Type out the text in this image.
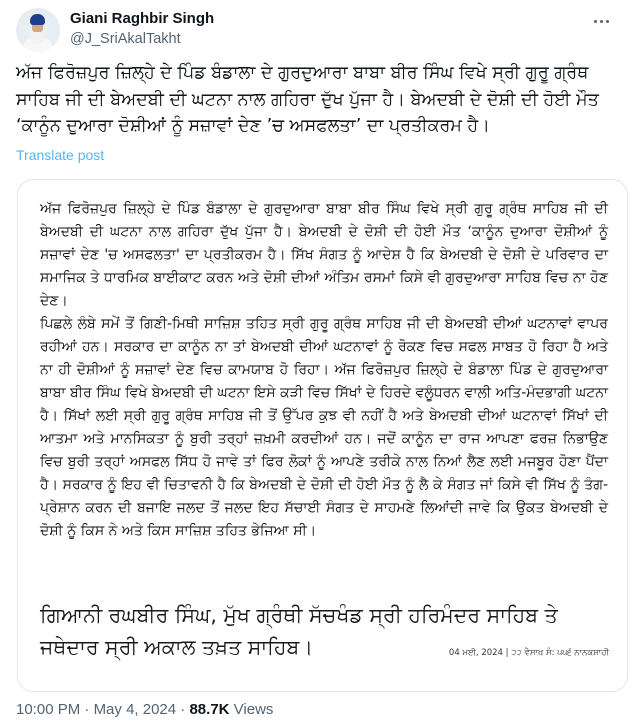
Giani Raghbir Singh
@J_SriAkalTakht
ਅੱਜ ਫਿਰੋਜ਼ਪੁਰ ਜ਼ਿਲ੍ਹੇ ਦੇ ਪਿੰਡ ਬੰਡਾਲਾ ਦੇ ਗੁਰਦੁਆਰਾ ਬਾਬਾ ਬੀਰ ਸਿੰਘ ਵਿਖੇ ਸ੍ਰੀ ਗੁਰੂ ਗ੍ਰੰਥ ਸਾਹਿਬ ਜੀ ਦੀ ਬੇਅਦਬੀ ਦੀ ਘਟਨਾ ਨਾਲ ਗਹਿਰਾ ਦੁੱਖ ਪੁੱਜਾ ਹੈ। ਬੇਅਦਬੀ ਦੇ ਦੋਸ਼ੀ ਦੀ ਹੋਈ ਮੌਤ ‘ਕਾਨੂੰਨ ਦੁਆਰਾ ਦੋਸ਼ੀਆਂ ਨੂੰ ਸਜ਼ਾਵਾਂ ਦੇਣ ’ਚ ਅਸਫਲਤਾ’ ਦਾ ਪ੍ਰਤੀਕਰਮ ਹੈ।
Translate post

ਅੱਜ ਫਿਰੋਜ਼ਪੁਰ ਜ਼ਿਲ੍ਹੇ ਦੇ ਪਿੰਡ ਬੰਡਾਲਾ ਦੇ ਗੁਰਦੁਆਰਾ ਬਾਬਾ ਬੀਰ ਸਿੰਘ ਵਿਖੇ ਸ੍ਰੀ ਗੁਰੂ ਗ੍ਰੰਥ ਸਾਹਿਬ ਜੀ ਦੀ ਬੇਅਦਬੀ ਦੀ ਘਟਨਾ ਨਾਲ ਗਹਿਰਾ ਦੁੱਖ ਪੁੱਜਾ ਹੈ। ਬੇਅਦਬੀ ਦੇ ਦੋਸ਼ੀ ਦੀ ਹੋਈ ਮੌਤ ‘ਕਾਨੂੰਨ ਦੁਆਰਾ ਦੋਸ਼ੀਆਂ ਨੂੰ ਸਜ਼ਾਵਾਂ ਦੇਣ 'ਚ ਅਸਫਲਤਾ' ਦਾ ਪ੍ਰਤੀਕਰਮ ਹੈ। ਸਿੱਖ ਸੰਗਤ ਨੂੰ ਆਦੇਸ਼ ਹੈ ਕਿ ਬੇਅਦਬੀ ਦੇ ਦੋਸ਼ੀ ਦੇ ਪਰਿਵਾਰ ਦਾ ਸਮਾਜਿਕ ਤੇ ਧਾਰਮਿਕ ਬਾਈਕਾਟ ਕਰਨ ਅਤੇ ਦੋਸ਼ੀ ਦੀਆਂ ਅੰਤਿਮ ਰਸਮਾਂ ਕਿਸੇ ਵੀ ਗੁਰਦੁਆਰਾ ਸਾਹਿਬ ਵਿਚ ਨਾ ਹੋਣ ਦੇਣ।

ਪਿਛਲੇ ਲੰਬੇ ਸਮੇਂ ਤੋਂ ਗਿਣੀ-ਮਿਥੀ ਸਾਜ਼ਿਸ਼ ਤਹਿਤ ਸ੍ਰੀ ਗੁਰੂ ਗ੍ਰੰਥ ਸਾਹਿਬ ਜੀ ਦੀ ਬੇਅਦਬੀ ਦੀਆਂ ਘਟਨਾਵਾਂ ਵਾਪਰ ਰਹੀਆਂ ਹਨ। ਸਰਕਾਰ ਦਾ ਕਾਨੂੰਨ ਨਾ ਤਾਂ ਬੇਅਦਬੀ ਦੀਆਂ ਘਟਨਾਵਾਂ ਨੂੰ ਰੋਕਣ ਵਿਚ ਸਫਲ ਸਾਬਤ ਹੋ ਰਿਹਾ ਹੈ ਅਤੇ ਨਾ ਹੀ ਦੋਸ਼ੀਆਂ ਨੂੰ ਸਜ਼ਾਵਾਂ ਦੇਣ ਵਿਚ ਕਾਮਯਾਬ ਹੋ ਰਿਹਾ। ਅੱਜ ਫਿਰੋਜ਼ਪੁਰ ਜ਼ਿਲ੍ਹੇ ਦੇ ਬੰਡਾਲਾ ਪਿੰਡ ਦੇ ਗੁਰਦੁਆਰਾ ਬਾਬਾ ਬੀਰ ਸਿੰਘ ਵਿਖੇ ਬੇਅਦਬੀ ਦੀ ਘਟਨਾ ਇਸੇ ਕੜੀ ਵਿਚ ਸਿੱਖਾਂ ਦੇ ਹਿਰਦੇ ਵਲੂੰਧਰਨ ਵਾਲੀ ਅਤਿ-ਮੰਦਭਾਗੀ ਘਟਨਾ ਹੈ। ਸਿੱਖਾਂ ਲਈ ਸ੍ਰੀ ਗੁਰੂ ਗ੍ਰੰਥ ਸਾਹਿਬ ਜੀ ਤੋਂ ਉੱਪਰ ਕੁਝ ਵੀ ਨਹੀਂ ਹੈ ਅਤੇ ਬੇਅਦਬੀ ਦੀਆਂ ਘਟਨਾਵਾਂ ਸਿੱਖਾਂ ਦੀ ਆਤਮਾ ਅਤੇ ਮਾਨਸਿਕਤਾ ਨੂੰ ਬੁਰੀ ਤਰ੍ਹਾਂ ਜ਼ਖ਼ਮੀ ਕਰਦੀਆਂ ਹਨ। ਜਦੋਂ ਕਾਨੂੰਨ ਦਾ ਰਾਜ ਆਪਣਾ ਫਰਜ਼ ਨਿਭਾਉਣ ਵਿਚ ਬੁਰੀ ਤਰ੍ਹਾਂ ਅਸਫਲ ਸਿੱਧ ਹੋ ਜਾਵੇ ਤਾਂ ਫਿਰ ਲੋਕਾਂ ਨੂੰ ਆਪਣੇ ਤਰੀਕੇ ਨਾਲ ਨਿਆਂ ਲੈਣ ਲਈ ਮਜਬੂਰ ਹੋਣਾ ਪੈਂਦਾ ਹੈ। ਸਰਕਾਰ ਨੂੰ ਇਹ ਵੀ ਚਿਤਾਵਨੀ ਹੈ ਕਿ ਬੇਅਦਬੀ ਦੇ ਦੋਸ਼ੀ ਦੀ ਹੋਈ ਮੌਤ ਨੂੰ ਲੈ ਕੇ ਸੰਗਤ ਜਾਂ ਕਿਸੇ ਵੀ ਸਿੱਖ ਨੂੰ ਤੰਗ-ਪ੍ਰੇਸ਼ਾਨ ਕਰਨ ਦੀ ਬਜਾਇ ਜਲਦ ਤੋਂ ਜਲਦ ਇਹ ਸੱਚਾਈ ਸੰਗਤ ਦੇ ਸਾਹਮਣੇ ਲਿਆਂਦੀ ਜਾਵੇ ਕਿ ਉਕਤ ਬੇਅਦਬੀ ਦੇ ਦੋਸ਼ੀ ਨੂੰ ਕਿਸ ਨੇ ਅਤੇ ਕਿਸ ਸਾਜ਼ਿਸ਼ ਤਹਿਤ ਭੇਜਿਆ ਸੀ।

ਗਿਆਨੀ ਰਘਬੀਰ ਸਿੰਘ, ਮੁੱਖ ਗ੍ਰੰਥੀ ਸੱਚਖੰਡ ਸ੍ਰੀ ਹਰਿਮੰਦਰ ਸਾਹਿਬ ਤੇ ਜਥੇਦਾਰ ਸ੍ਰੀ ਅਕਾਲ ਤਖ਼ਤ ਸਾਹਿਬ।	04 ਮਈ, 2024 | ੨੨ ਵੈਸਾਖ ਸੰ: ੫੫੬ ਨਾਨਕਸ਼ਾਹੀ
10:00 PM · May 4, 2024 · 88.7K Views
